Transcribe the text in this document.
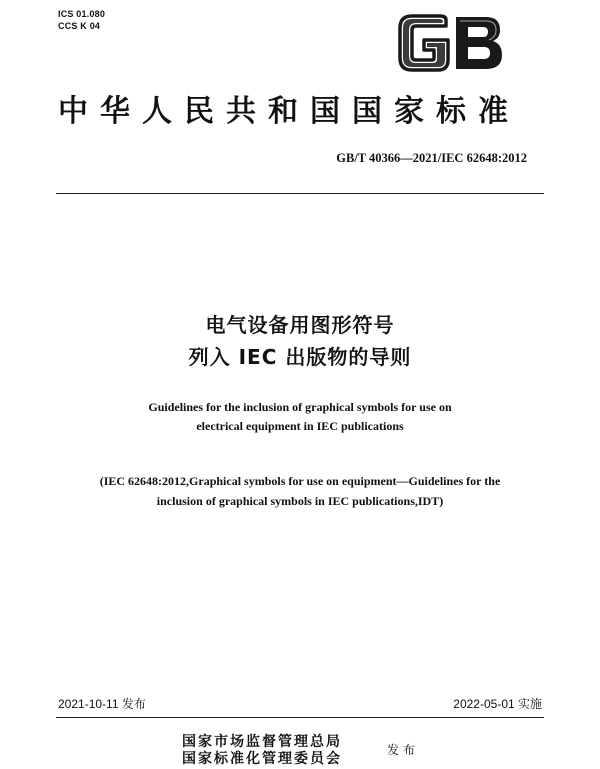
ICS 01.080
CCS K 04
中华人民共和国国家标准
GB/T 40366—2021/IEC 62648:2012
电气设备用图形符号
列入 IEC 出版物的导则
Guidelines for the inclusion of graphical symbols for use on
electrical equipment in IEC publications
(IEC 62648:2012,Graphical symbols for use on equipment—Guidelines for the
inclusion of graphical symbols in IEC publications,IDT)
2021-10-11 发布	2022-05-01 实施
国家市场监督管理总局
国家标准化管理委员会
发布
